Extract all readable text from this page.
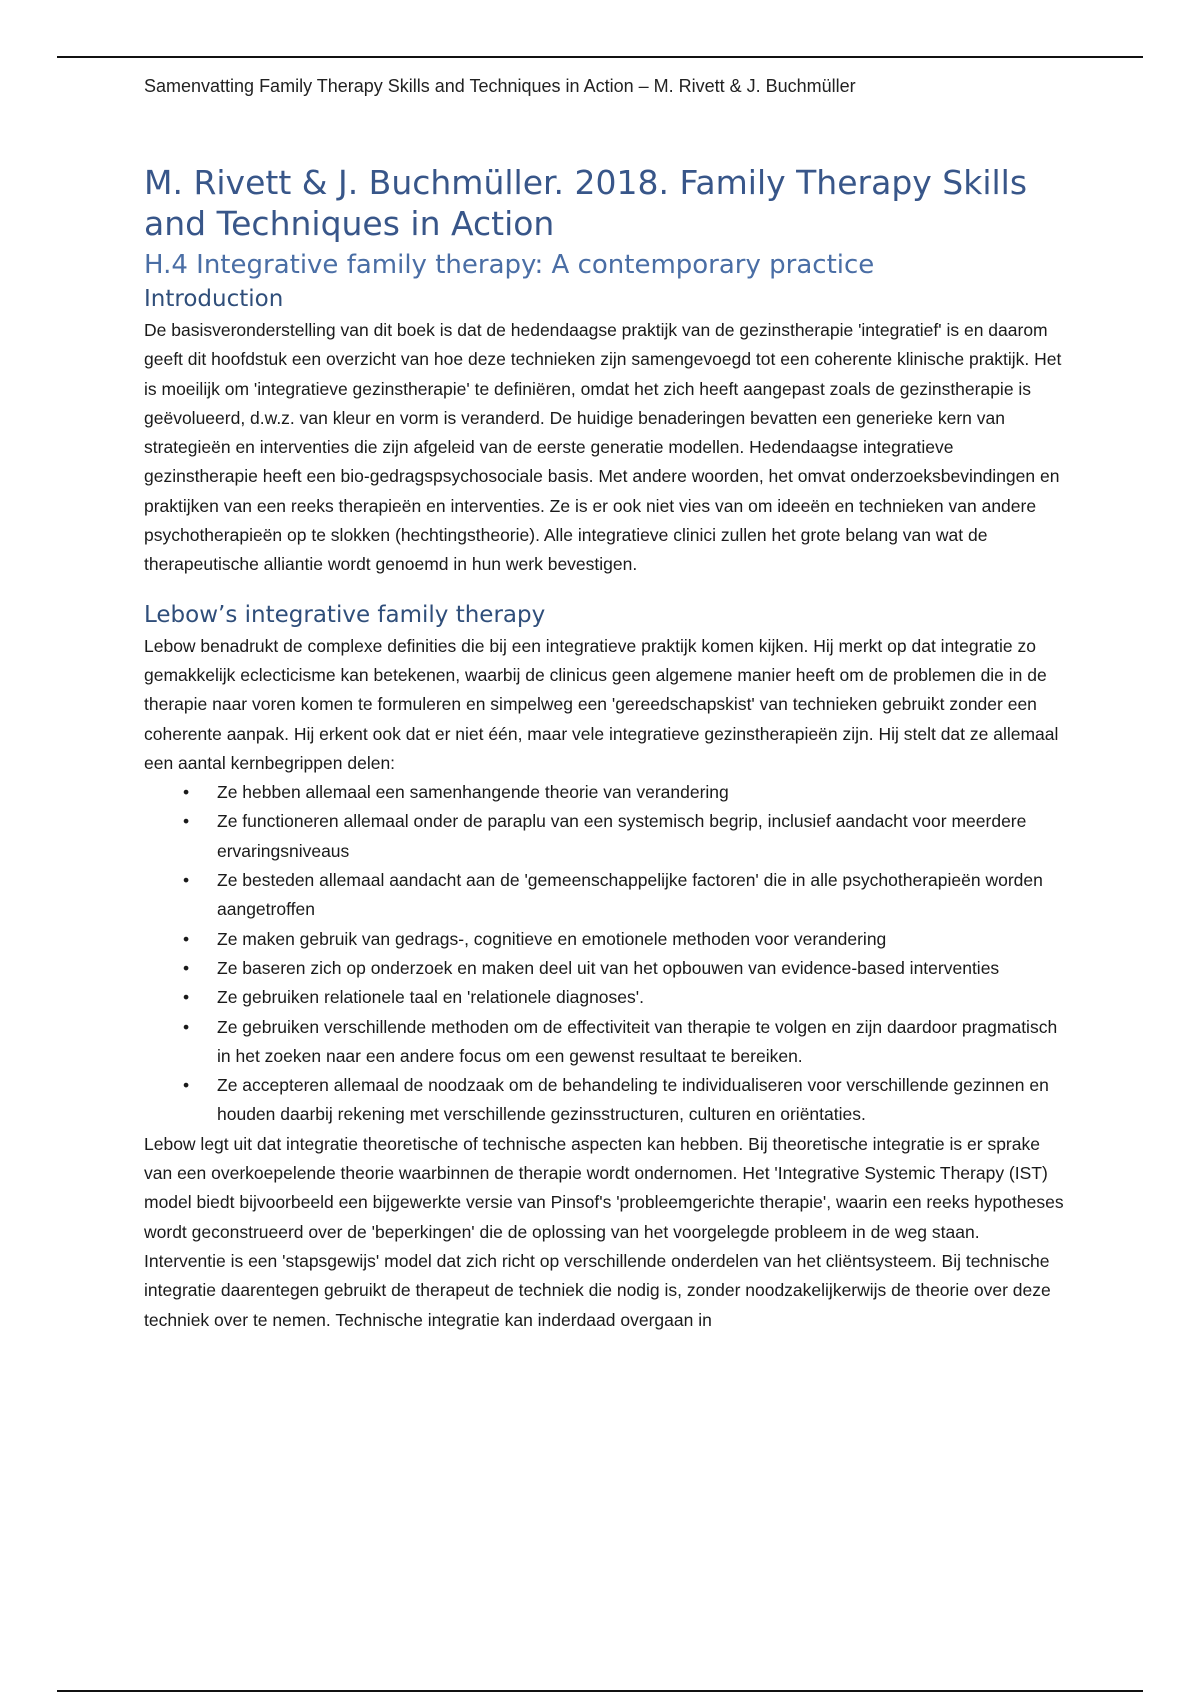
Samenvatting Family Therapy Skills and Techniques in Action – M. Rivett & J. Buchmüller
M. Rivett & J. Buchmüller. 2018. Family Therapy Skills and Techniques in Action
H.4 Integrative family therapy: A contemporary practice
Introduction

De basisveronderstelling van dit boek is dat de hedendaagse praktijk van de gezinstherapie 'integratief' is en daarom geeft dit hoofdstuk een overzicht van hoe deze technieken zijn samengevoegd tot een coherente klinische praktijk. Het is moeilijk om 'integratieve gezinstherapie' te definiëren, omdat het zich heeft aangepast zoals de gezinstherapie is geëvolueerd, d.w.z. van kleur en vorm is veranderd. De huidige benaderingen bevatten een generieke kern van strategieën en interventies die zijn afgeleid van de eerste generatie modellen. Hedendaagse integratieve gezinstherapie heeft een bio-gedragspsychosociale basis. Met andere woorden, het omvat onderzoeksbevindingen en praktijken van een reeks therapieën en interventies. Ze is er ook niet vies van om ideeën en technieken van andere psychotherapieën op te slokken (hechtingstheorie). Alle integratieve clinici zullen het grote belang van wat de therapeutische alliantie wordt genoemd in hun werk bevestigen.

Lebow’s integrative family therapy

Lebow benadrukt de complexe definities die bij een integratieve praktijk komen kijken. Hij merkt op dat integratie zo gemakkelijk eclecticisme kan betekenen, waarbij de clinicus geen algemene manier heeft om de problemen die in de therapie naar voren komen te formuleren en simpelweg een 'gereedschapskist' van technieken gebruikt zonder een coherente aanpak. Hij erkent ook dat er niet één, maar vele integratieve gezinstherapieën zijn. Hij stelt dat ze allemaal een aantal kernbegrippen delen:

• Ze hebben allemaal een samenhangende theorie van verandering
• Ze functioneren allemaal onder de paraplu van een systemisch begrip, inclusief aandacht voor meerdere ervaringsniveaus
• Ze besteden allemaal aandacht aan de 'gemeenschappelijke factoren' die in alle psychotherapieën worden aangetroffen
• Ze maken gebruik van gedrags-, cognitieve en emotionele methoden voor verandering
• Ze baseren zich op onderzoek en maken deel uit van het opbouwen van evidence-based interventies
• Ze gebruiken relationele taal en 'relationele diagnoses'.
• Ze gebruiken verschillende methoden om de effectiviteit van therapie te volgen en zijn daardoor pragmatisch in het zoeken naar een andere focus om een gewenst resultaat te bereiken.
• Ze accepteren allemaal de noodzaak om de behandeling te individualiseren voor verschillende gezinnen en houden daarbij rekening met verschillende gezinsstructuren, culturen en oriëntaties.

Lebow legt uit dat integratie theoretische of technische aspecten kan hebben. Bij theoretische integratie is er sprake van een overkoepelende theorie waarbinnen de therapie wordt ondernomen. Het 'Integrative Systemic Therapy (IST) model biedt bijvoorbeeld een bijgewerkte versie van Pinsof's 'probleemgerichte therapie', waarin een reeks hypotheses wordt geconstrueerd over de 'beperkingen' die de oplossing van het voorgelegde probleem in de weg staan. Interventie is een 'stapsgewijs' model dat zich richt op verschillende onderdelen van het cliëntsysteem. Bij technische integratie daarentegen gebruikt de therapeut de techniek die nodig is, zonder noodzakelijkerwijs de theorie over deze techniek over te nemen. Technische integratie kan inderdaad overgaan in
